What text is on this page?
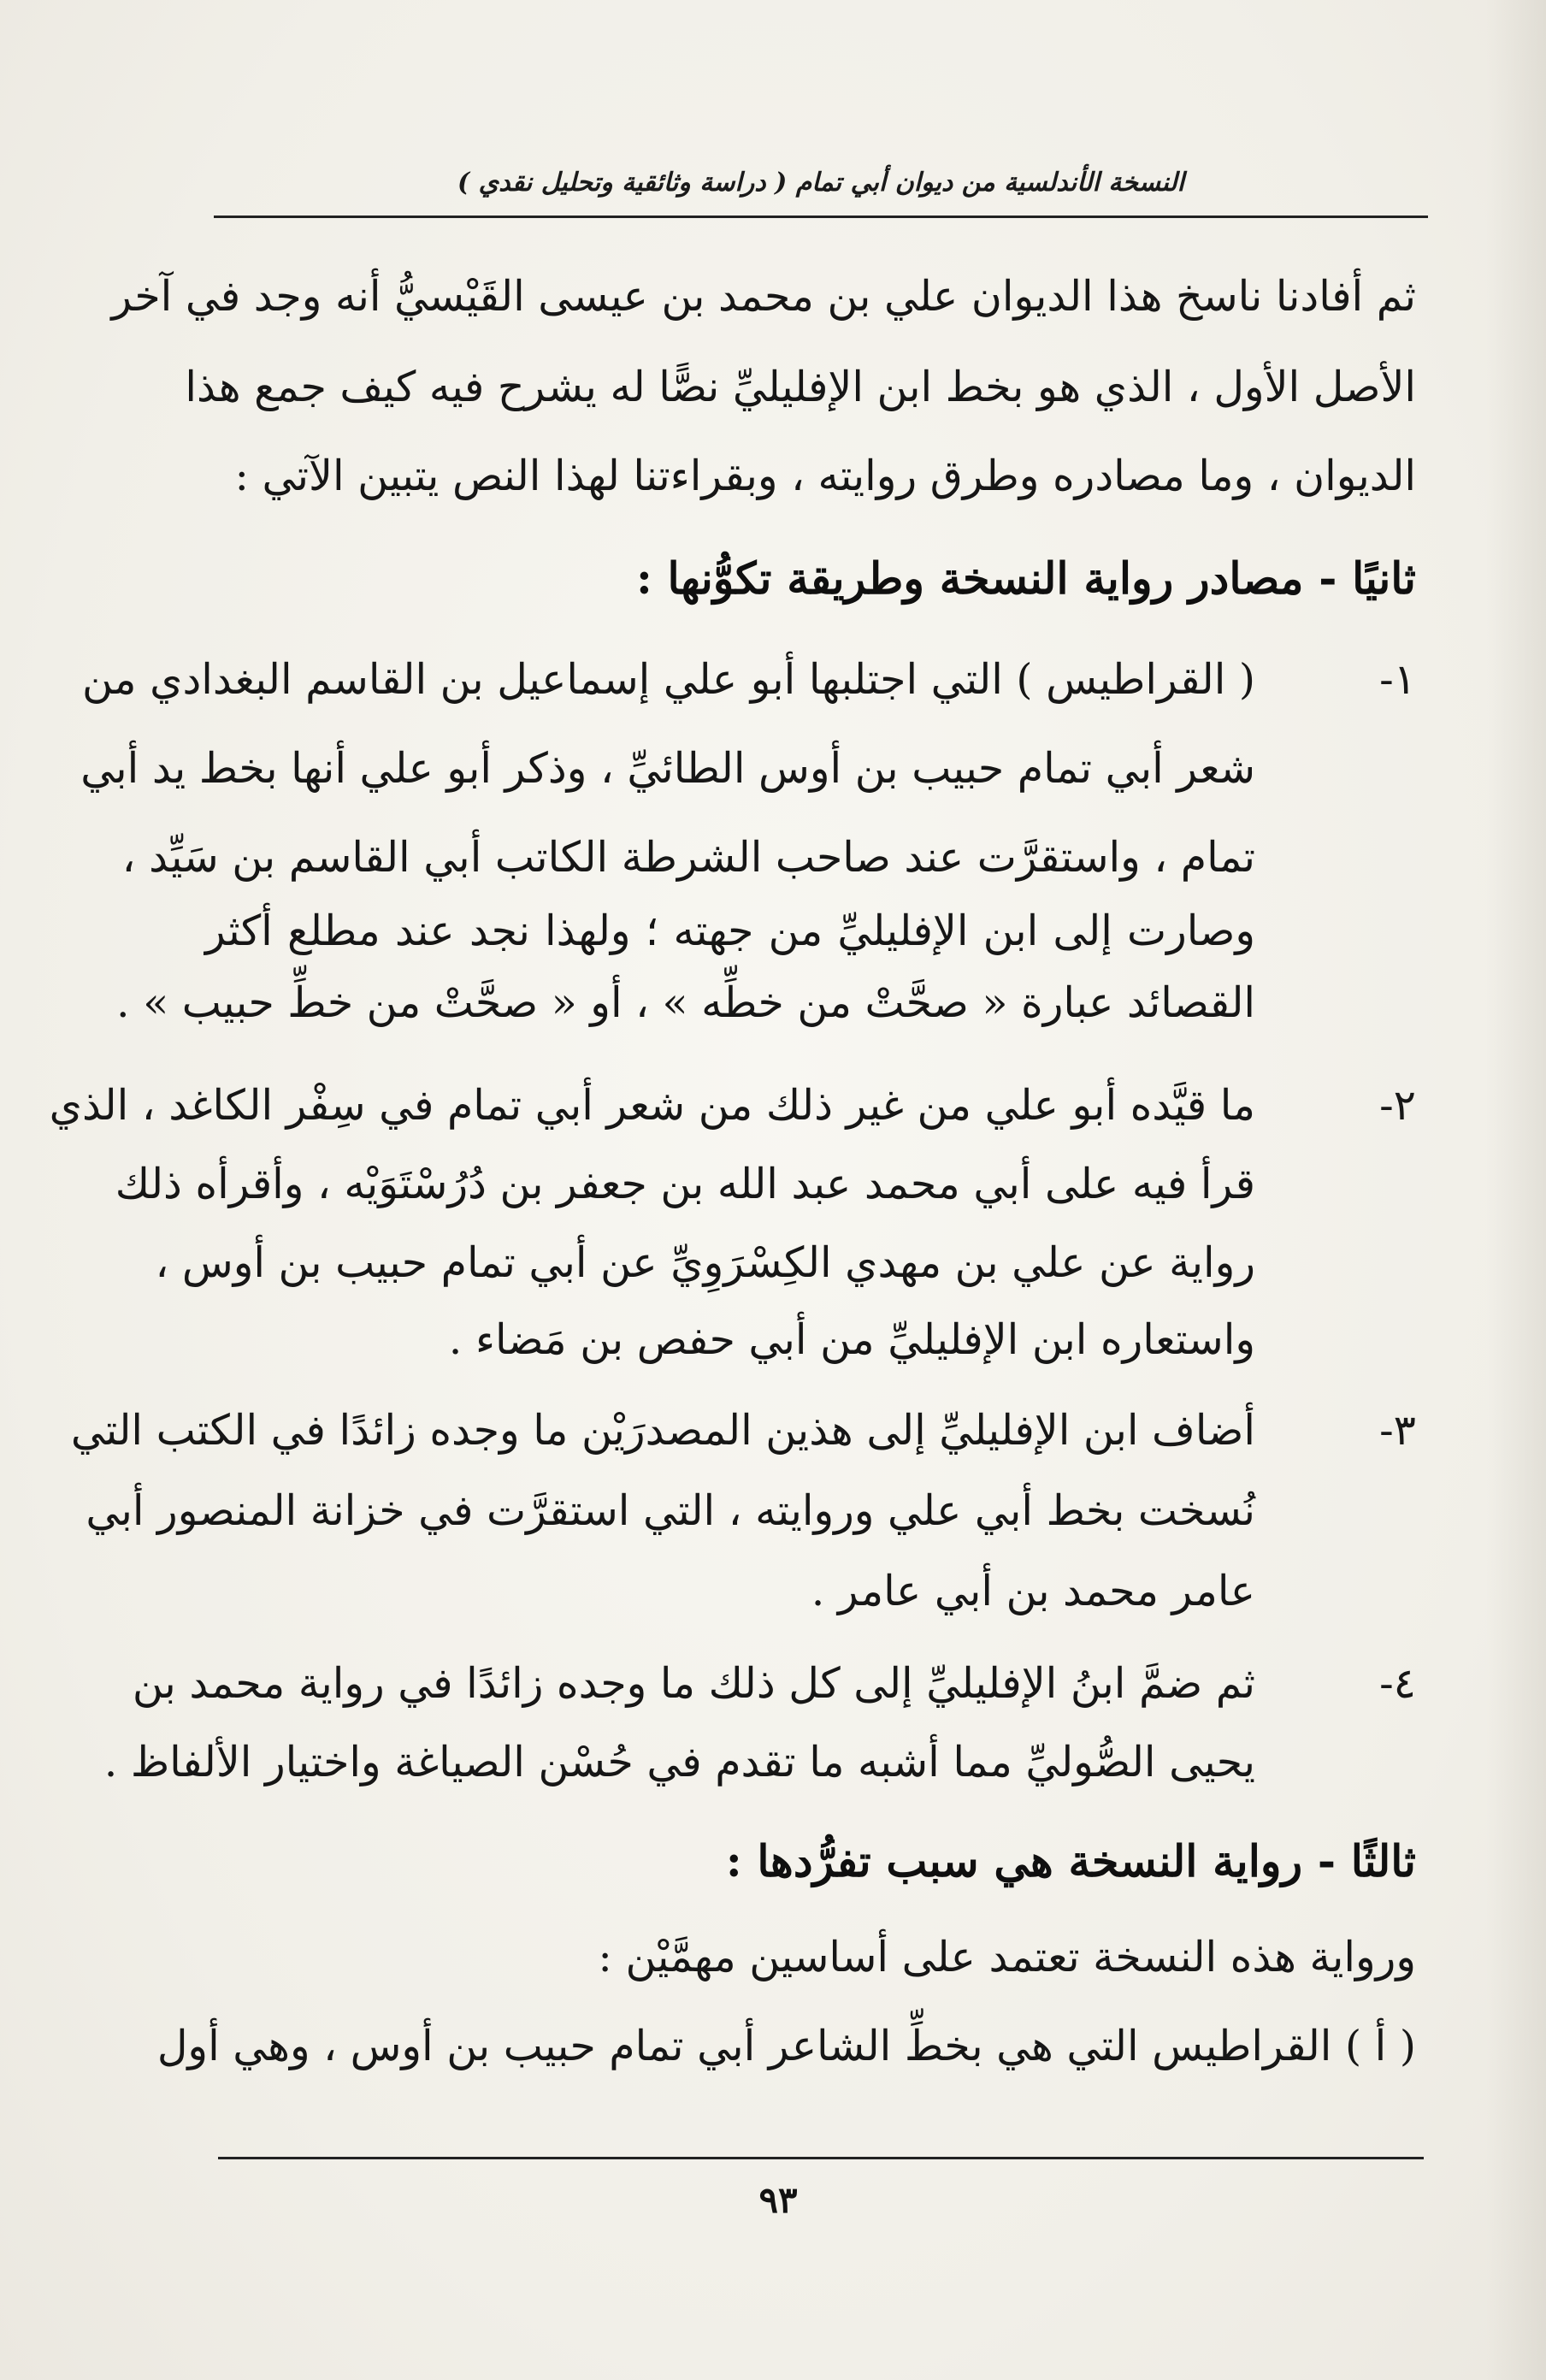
النسخة الأندلسية من ديوان أبي تمام ( دراسة وثائقية وتحليل نقدي )
ثم أفادنا ناسخ هذا الديوان علي بن محمد بن عيسى القَيْسيُّ أنه وجد في آخر
الأصل الأول ، الذي هو بخط ابن الإفليليِّ نصًّا له يشرح فيه كيف جمع هذا
الديوان ، وما مصادره وطرق روايته ، وبقراءتنا لهذا النص يتبين الآتي :
ثانيًا - مصادر رواية النسخة وطريقة تكوُّنها :
١-
( القراطيس ) التي اجتلبها أبو علي إسماعيل بن القاسم البغدادي من
شعر أبي تمام حبيب بن أوس الطائيِّ ، وذكر أبو علي أنها بخط يد أبي
تمام ، واستقرَّت عند صاحب الشرطة الكاتب أبي القاسم بن سَيِّد ،
وصارت إلى ابن الإفليليِّ من جهته ؛ ولهذا نجد عند مطلع أكثر
القصائد عبارة « صحَّتْ من خطِّه » ، أو « صحَّتْ من خطِّ حبيب » .
٢-
ما قيَّده أبو علي من غير ذلك من شعر أبي تمام في سِفْر الكاغد ، الذي
قرأ فيه على أبي محمد عبد الله بن جعفر بن دُرُسْتَوَيْه ، وأقرأه ذلك
رواية عن علي بن مهدي الكِسْرَوِيِّ عن أبي تمام حبيب بن أوس ،
واستعاره ابن الإفليليِّ من أبي حفص بن مَضاء .
٣-
أضاف ابن الإفليليِّ إلى هذين المصدرَيْن ما وجده زائدًا في الكتب التي
نُسخت بخط أبي علي وروايته ، التي استقرَّت في خزانة المنصور أبي
عامر محمد بن أبي عامر .
٤-
ثم ضمَّ ابنُ الإفليليِّ إلى كل ذلك ما وجده زائدًا في رواية محمد بن
يحيى الصُّوليِّ مما أشبه ما تقدم في حُسْن الصياغة واختيار الألفاظ .
ثالثًا - رواية النسخة هي سبب تفرُّدها :
ورواية هذه النسخة تعتمد على أساسين مهمَّيْن :
( أ ) القراطيس التي هي بخطِّ الشاعر أبي تمام حبيب بن أوس ، وهي أول
٩٣
